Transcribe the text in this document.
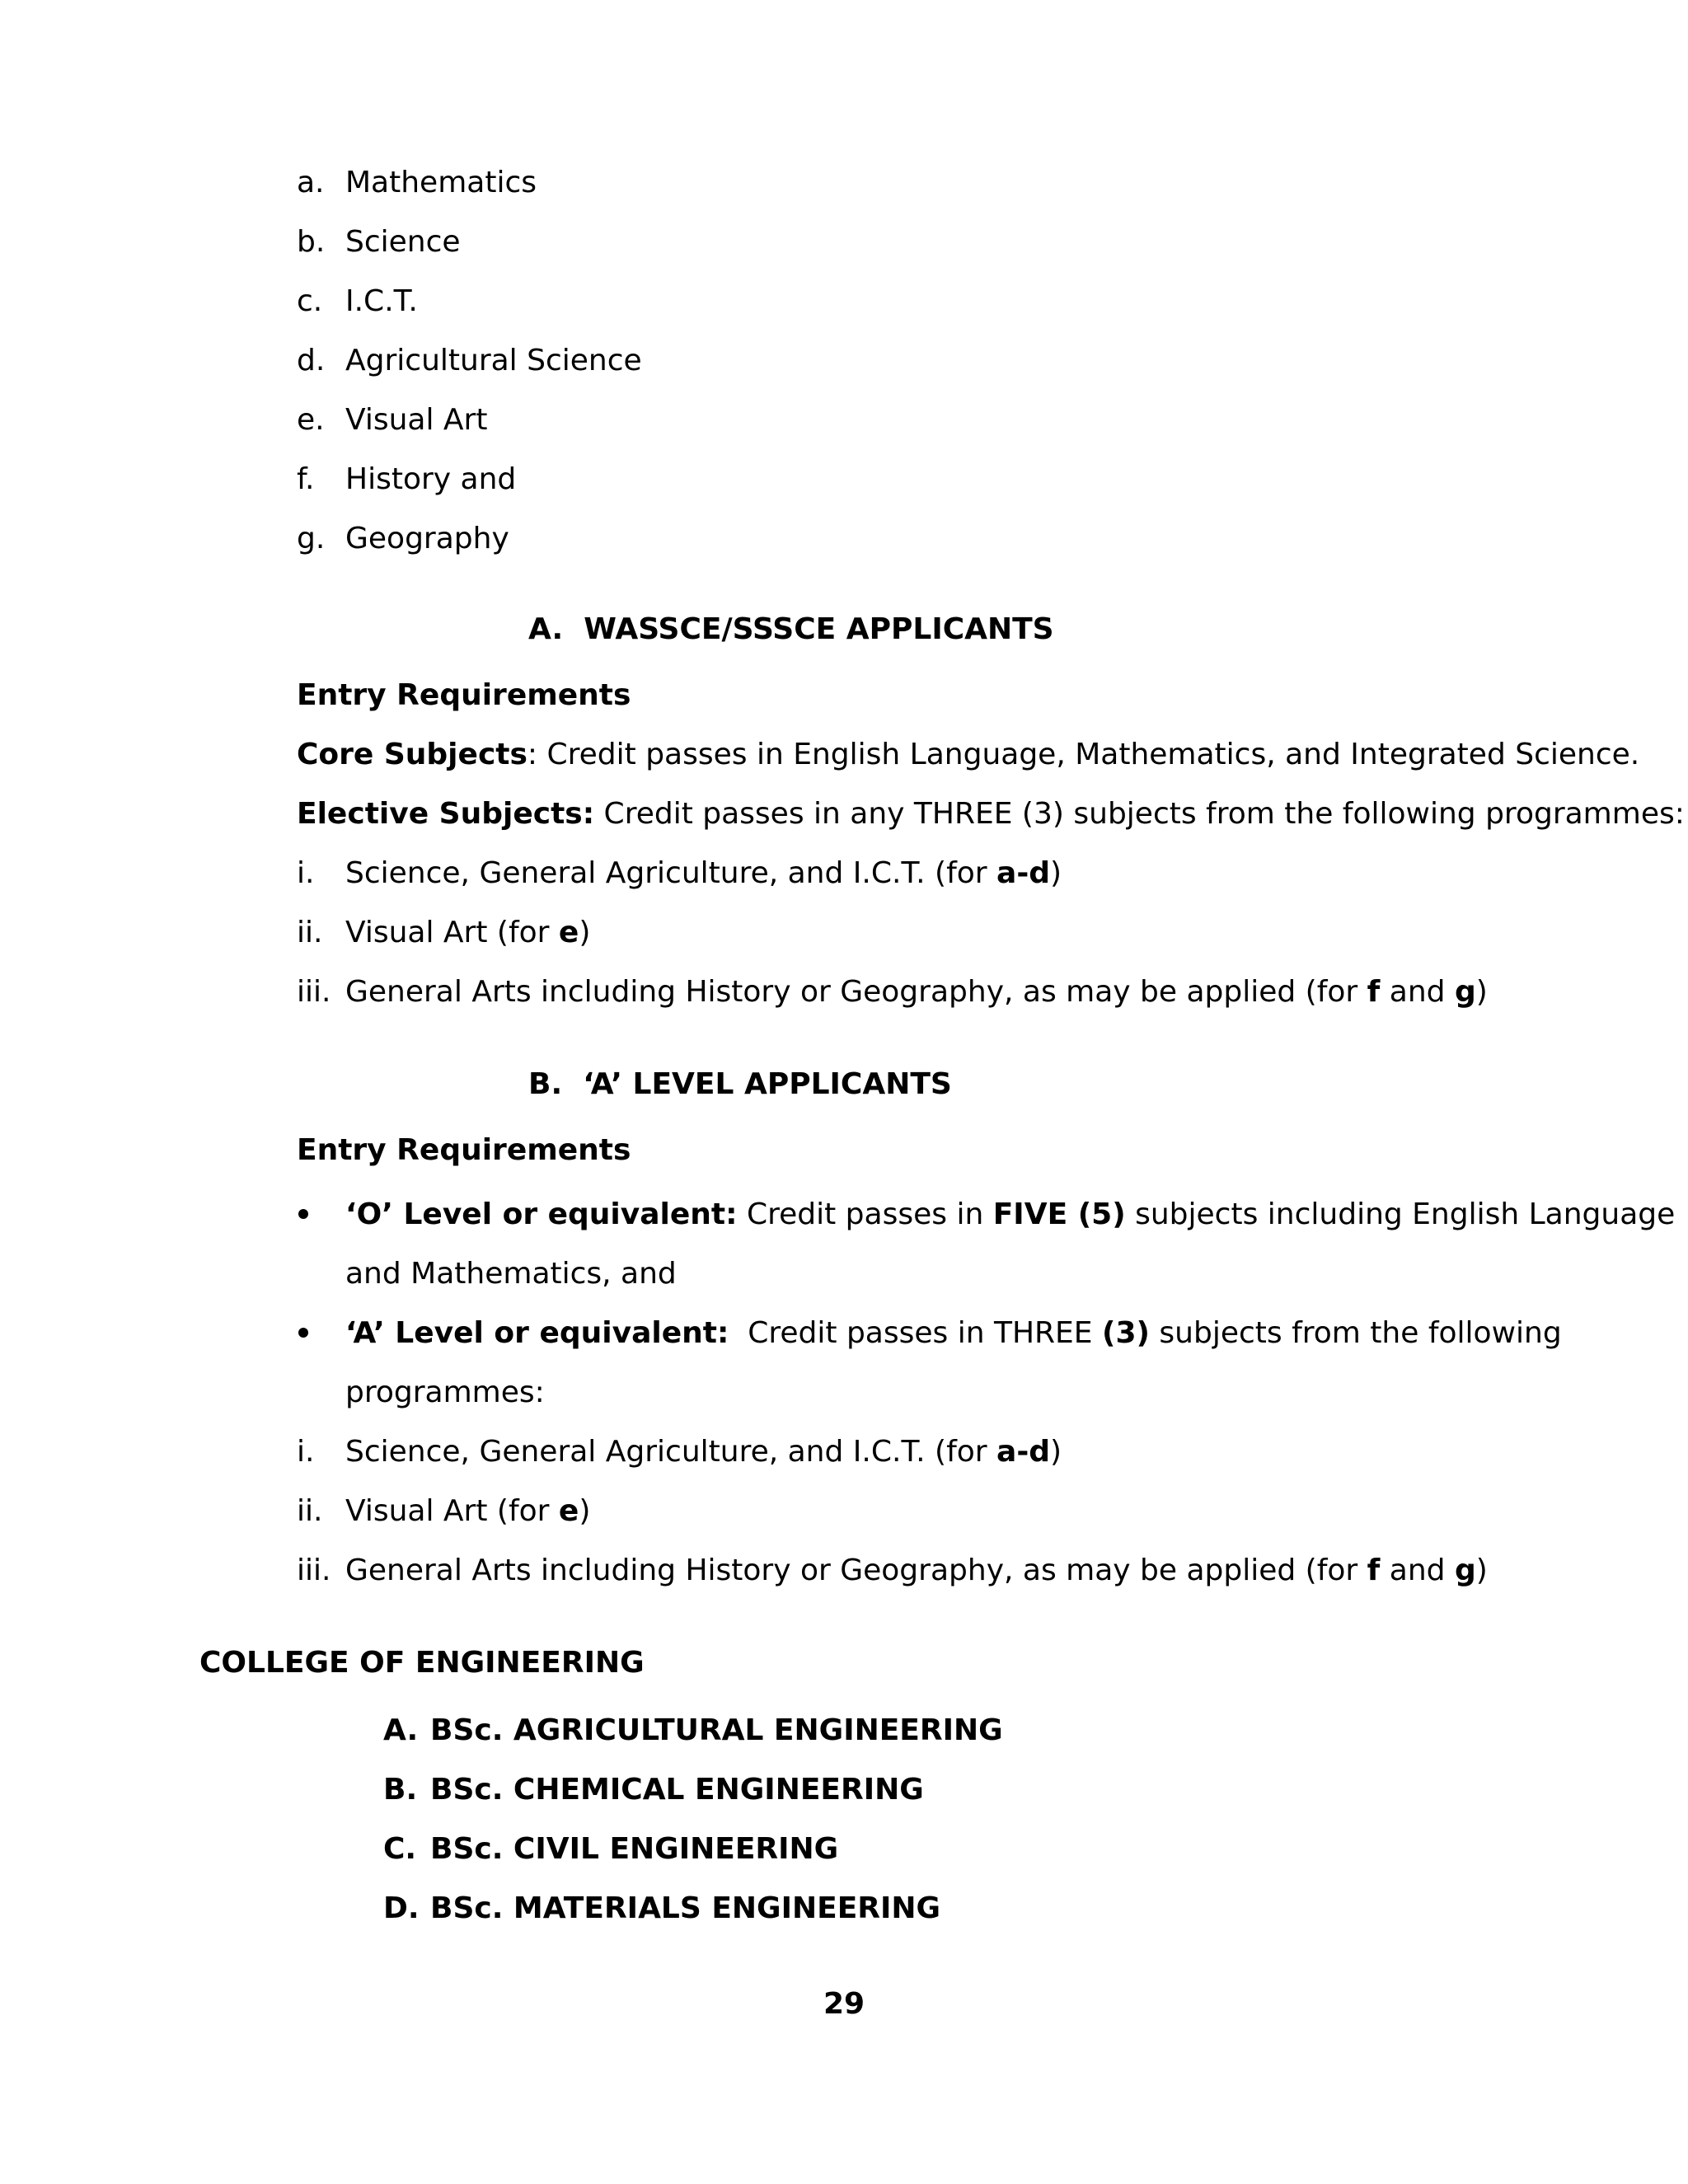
a. Mathematics
b. Science
c. I.C.T.
d. Agricultural Science
e. Visual Art
f. History and
g. Geography
A. WASSCE/SSSCE APPLICANTS
Entry Requirements
Core Subjects: Credit passes in English Language, Mathematics, and Integrated Science.
Elective Subjects: Credit passes in any THREE (3) subjects from the following programmes:
i. Science, General Agriculture, and I.C.T. (for a-d)
ii. Visual Art (for e)
iii. General Arts including History or Geography, as may be applied (for f and g)
B. ‘A’ LEVEL APPLICANTS
Entry Requirements
‘O’ Level or equivalent: Credit passes in FIVE (5) subjects including English Language
and Mathematics, and
‘A’ Level or equivalent: Credit passes in THREE (3) subjects from the following
programmes:
i. Science, General Agriculture, and I.C.T. (for a-d)
ii. Visual Art (for e)
iii. General Arts including History or Geography, as may be applied (for f and g)
COLLEGE OF ENGINEERING
A. BSc. AGRICULTURAL ENGINEERING
B. BSc. CHEMICAL ENGINEERING
C. BSc. CIVIL ENGINEERING
D. BSc. MATERIALS ENGINEERING
29
